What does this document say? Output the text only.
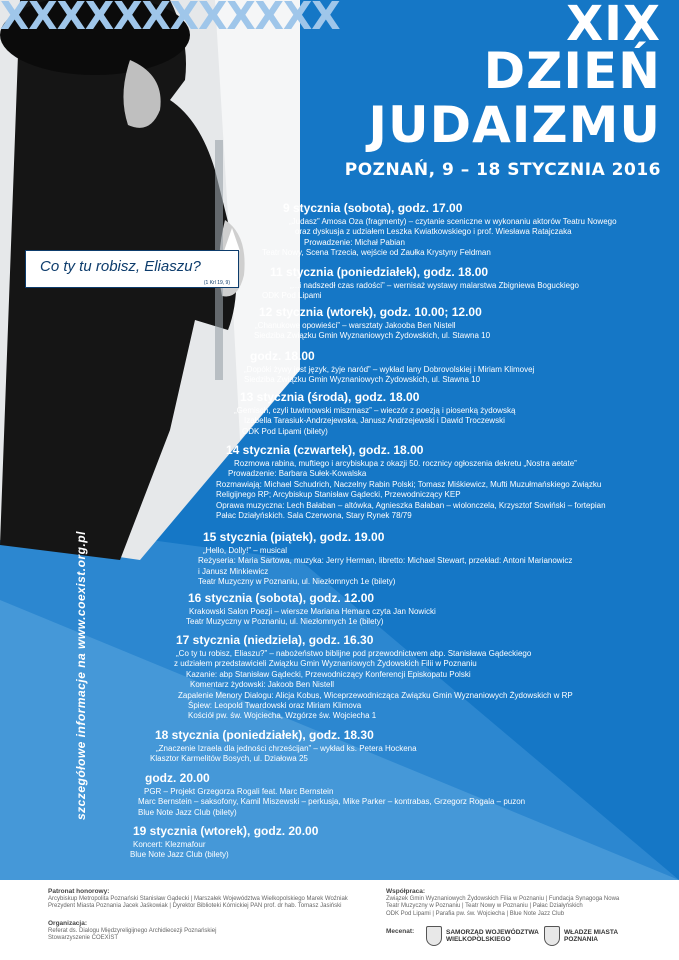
XXXXXXXXXXXX	XIX
DZIEŃ
JUDAIZMU
POZNAŃ, 9 – 18 STYCZNIA 2016
Co ty tu robisz, Eliaszu?
(1 Krl 19, 9)
szczegółowe informacje na www.coexist.org.pl
9 stycznia (sobota), godz. 17.00
„Judasz” Amosa Oza (fragmenty) – czytanie sceniczne w wykonaniu aktorów Teatru Nowego
oraz dyskusja z udziałem Leszka Kwiatkowskiego i prof. Wiesława Ratajczaka
Prowadzenie: Michał Pabian
Teatr Nowy, Scena Trzecia, wejście od Zaułka Krystyny Feldman
11 stycznia (poniedziałek), godz. 18.00
„...i nadszedł czas radości” – wernisaż wystawy malarstwa Zbigniewa Boguckiego
ODK Pod Lipami
12 stycznia (wtorek), godz. 10.00; 12.00
„Chanukowe opowieści” – warsztaty Jakooba Ben Nistell
Siedziba Związku Gmin Wyznaniowych Żydowskich, ul. Stawna 10
godz. 18.00
„Dopóki żywy jest język, żyje naród” – wykład Iany Dobrovolskiej i Miriam Klimovej
Siedziba Związku Gmin Wyznaniowych Żydowskich, ul. Stawna 10
13 stycznia (środa), godz. 18.00
„Gemisch, czyli tuwimowski miszmasz” – wieczór z poezją i piosenką żydowską
Izabella Tarasiuk-Andrzejewska, Janusz Andrzejewski i Dawid Troczewski
ODK Pod Lipami (bilety)
14 stycznia (czwartek), godz. 18.00
Rozmowa rabina, muftiego i arcybiskupa z okazji 50. rocznicy ogłoszenia dekretu „Nostra aetate”
Prowadzenie: Barbara Sułek-Kowalska
Rozmawiają: Michael Schudrich, Naczelny Rabin Polski; Tomasz Miśkiewicz, Mufti Muzułmańskiego Związku
Religijnego RP; Arcybiskup Stanisław Gądecki, Przewodniczący KEP
Oprawa muzyczna: Lech Bałaban – altówka, Agnieszka Bałaban – wiolonczela, Krzysztof Sowiński – fortepian
Pałac Działyńskich. Sala Czerwona, Stary Rynek 78/79
15 stycznia (piątek), godz. 19.00
„Hello, Dolly!” – musical
Reżyseria: Maria Sartowa, muzyka: Jerry Herman, libretto: Michael Stewart, przekład: Antoni Marianowicz
i Janusz Minkiewicz
Teatr Muzyczny w Poznaniu, ul. Niezłomnych 1e (bilety)
16 stycznia (sobota), godz. 12.00
Krakowski Salon Poezji – wiersze Mariana Hemara czyta Jan Nowicki
Teatr Muzyczny w Poznaniu, ul. Niezłomnych 1e (bilety)
17 stycznia (niedziela), godz. 16.30
„Co ty tu robisz, Eliaszu?” – nabożeństwo biblijne pod przewodnictwem abp. Stanisława Gądeckiego
z udziałem przedstawicieli Związku Gmin Wyznaniowych Żydowskich Filii w Poznaniu
Kazanie: abp Stanisław Gądecki, Przewodniczący Konferencji Episkopatu Polski
Komentarz żydowski: Jakoob Ben Nistell
Zapalenie Menory Dialogu: Alicja Kobus, Wiceprzewodnicząca Związku Gmin Wyznaniowych Żydowskich w RP
Śpiew: Leopold Twardowski oraz Miriam Klimova
Kościół pw. św. Wojciecha, Wzgórze św. Wojciecha 1
18 stycznia (poniedziałek), godz. 18.30
„Znaczenie Izraela dla jedności chrześcijan” – wykład ks. Petera Hockena
Klasztor Karmelitów Bosych, ul. Działowa 25
godz. 20.00
PGR – Projekt Grzegorza Rogali feat. Marc Bernstein
Marc Bernstein – saksofony, Kamil Miszewski – perkusja, Mike Parker – kontrabas, Grzegorz Rogala – puzon
Blue Note Jazz Club (bilety)
19 stycznia (wtorek), godz. 20.00
Koncert: Klezmafour
Blue Note Jazz Club (bilety)
Patronat honorowy:
Arcybiskup Metropolita Poznański Stanisław Gądecki | Marszałek Województwa Wielkopolskiego Marek Woźniak
Prezydent Miasta Poznania Jacek Jaśkowiak | Dyrektor Biblioteki Kórnickiej PAN prof. dr hab. Tomasz Jasiński
Organizacja:
Referat ds. Dialogu Międzyreligijnego Archidiecezji Poznańskiej
Stowarzyszenie COEXIST
Współpraca:
Związek Gmin Wyznaniowych Żydowskich Filia w Poznaniu | Fundacja Synagoga Nowa
Teatr Muzyczny w Poznaniu | Teatr Nowy w Poznaniu | Pałac Działyńskich
ODK Pod Lipami | Parafia pw. św. Wojciecha | Blue Note Jazz Club
Mecenat:	SAMORZĄD WOJEWÓDZTWA
WIELKOPOLSKIEGO
WŁADZE MIASTA
POZNANIA
